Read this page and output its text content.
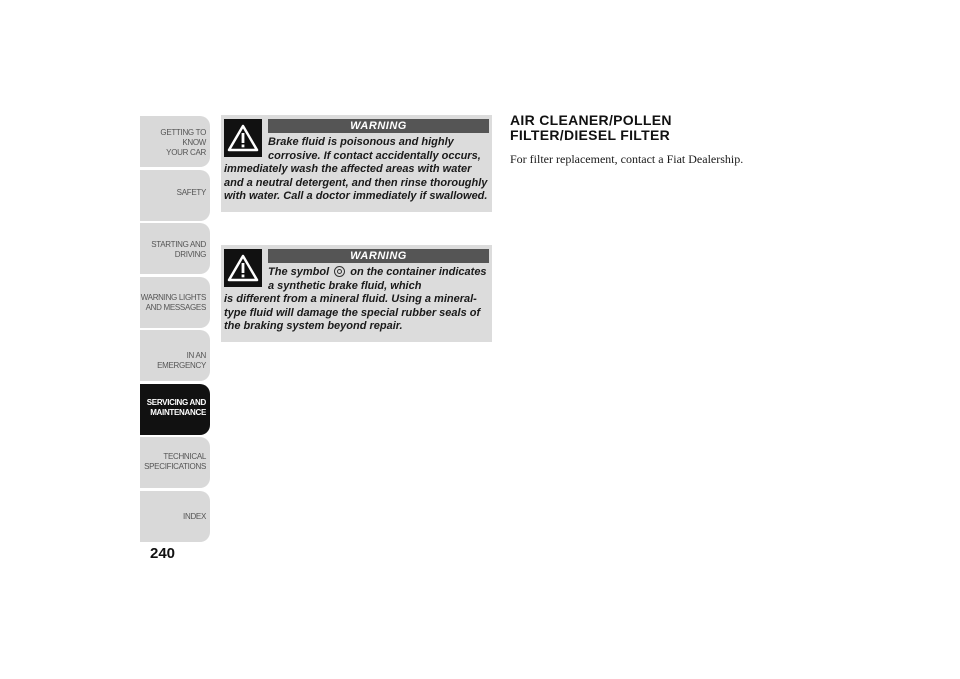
GETTING TO KNOW
YOUR CAR
SAFETY
STARTING AND
DRIVING
WARNING LIGHTS
AND MESSAGES
IN AN EMERGENCY
SERVICING AND
MAINTENANCE
TECHNICAL
SPECIFICATIONS
INDEX
240
WARNING
Brake fluid is poisonous and highly corrosive. If contact accidentally occurs,
immediately wash the affected areas with water and a neutral detergent, and then rinse thoroughly with water. Call a doctor immediately if swallowed.
WARNING
The symbol on the container indicates a synthetic brake fluid, which
is different from a mineral fluid. Using a mineral-type fluid will damage the special rubber seals of the braking system beyond repair.
AIR CLEANER/POLLEN
FILTER/DIESEL FILTER

For filter replacement, contact a Fiat Dealership.
